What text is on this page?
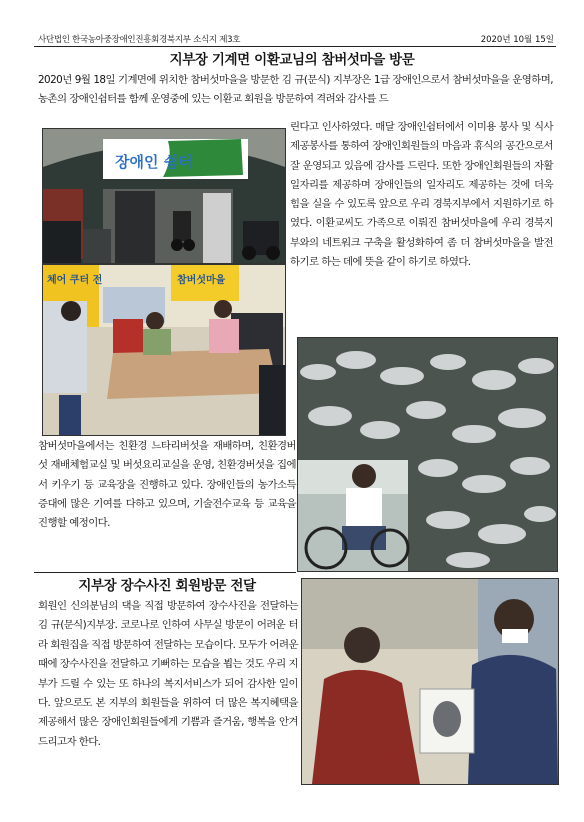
사단법인 한국농아중장애인진흥회경북지부 소식지 제3호	2020년 10월 15일
지부장 기계면 이환교님의 참버섯마을 방문
2020년 9월 18일 기계면에 위치한 참버섯마을을 방문한 김 규(문식) 지부장은 1급 장애인으로서 참버섯마을을 운영하며, 농촌의 장애인쉼터를 함께 운영중에 있는 이환교 회원을 방문하여 격려와 감사를 드
장애인 쉼터
린다고 인사하였다. 매달 장애인쉼터에서 이미용 봉사 및 식사제공봉사를 통하여 장애인회원들의 마음과 휴식의 공간으로서 잘 운영되고 있음에 감사를 드린다. 또한 장애인회원들의 자활일자리를 제공하며 장애인들의 일자리도 제공하는 것에 더욱 힘을 실을 수 있도록 앞으로 우리 경북지부에서 지원하기로 하였다. 이환교씨도 가족으로 이뤄진 참버섯마을에 우리 경북지부와의 네트워크 구축을 활성화하여 좀 더 참버섯마을을 발전하기로 하는 데에 뜻을 같이 하기로 하였다.
체어 쿠터 전	참버섯마을
참버섯마을에서는 친환경 느타리버섯을 재배하며, 친환경버섯 재배체험교실 및 버섯요리교실을 운영, 친환경버섯을 집에서 키우기 등 교육장을 진행하고 있다. 장애인들의 농가소득증대에 많은 기여를 다하고 있으며, 기술전수교육 등 교육을 진행할 예정이다.
지부장 장수사진 회원방문 전달
회원인 신의분님의 댁을 직접 방문하여 장수사진을 전달하는 김 규(문식)지부장. 코로나로 인하여 사무실 방문이 어려운 터라 회원집을 직접 방문하여 전달하는 모습이다. 모두가 어려운 때에 장수사진을 전달하고 기뻐하는 모습을 뵙는 것도 우리 지부가 드릴 수 있는 또 하나의 복지서비스가 되어 감사한 일이다. 앞으로도 본 지부의 회원들을 위하여 더 많은 복지혜택을 제공해서 많은 장애인회원들에게 기쁨과 즐거움, 행복을 안겨드리고자 한다.
